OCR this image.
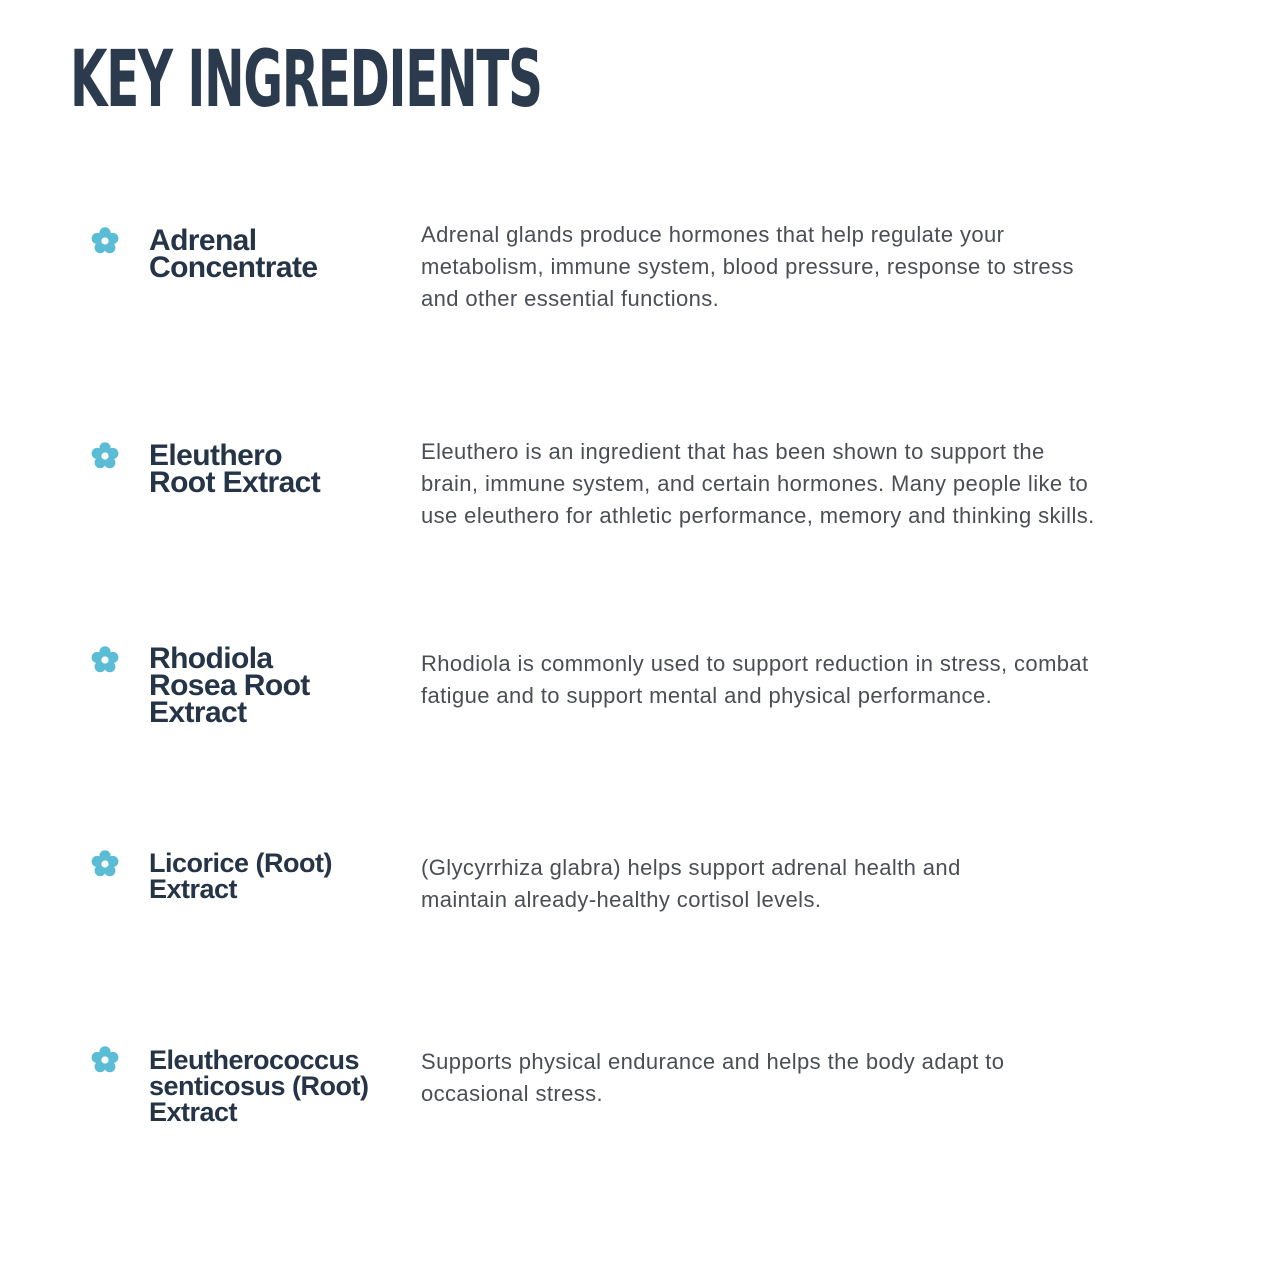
KEY INGREDIENTS
Adrenal
Concentrate

Adrenal glands produce hormones that help regulate your
metabolism, immune system, blood pressure, response to stress
and other essential functions.

Eleuthero
Root Extract

Eleuthero is an ingredient that has been shown to support the
brain, immune system, and certain hormones. Many people like to
use eleuthero for athletic performance, memory and thinking skills.

Rhodiola
Rosea Root
Extract

Rhodiola is commonly used to support reduction in stress, combat
fatigue and to support mental and physical performance.

Licorice (Root)
Extract

(Glycyrrhiza glabra) helps support adrenal health and
maintain already-healthy cortisol levels.

Eleutherococcus
senticosus (Root)
Extract

Supports physical endurance and helps the body adapt to
occasional stress.
